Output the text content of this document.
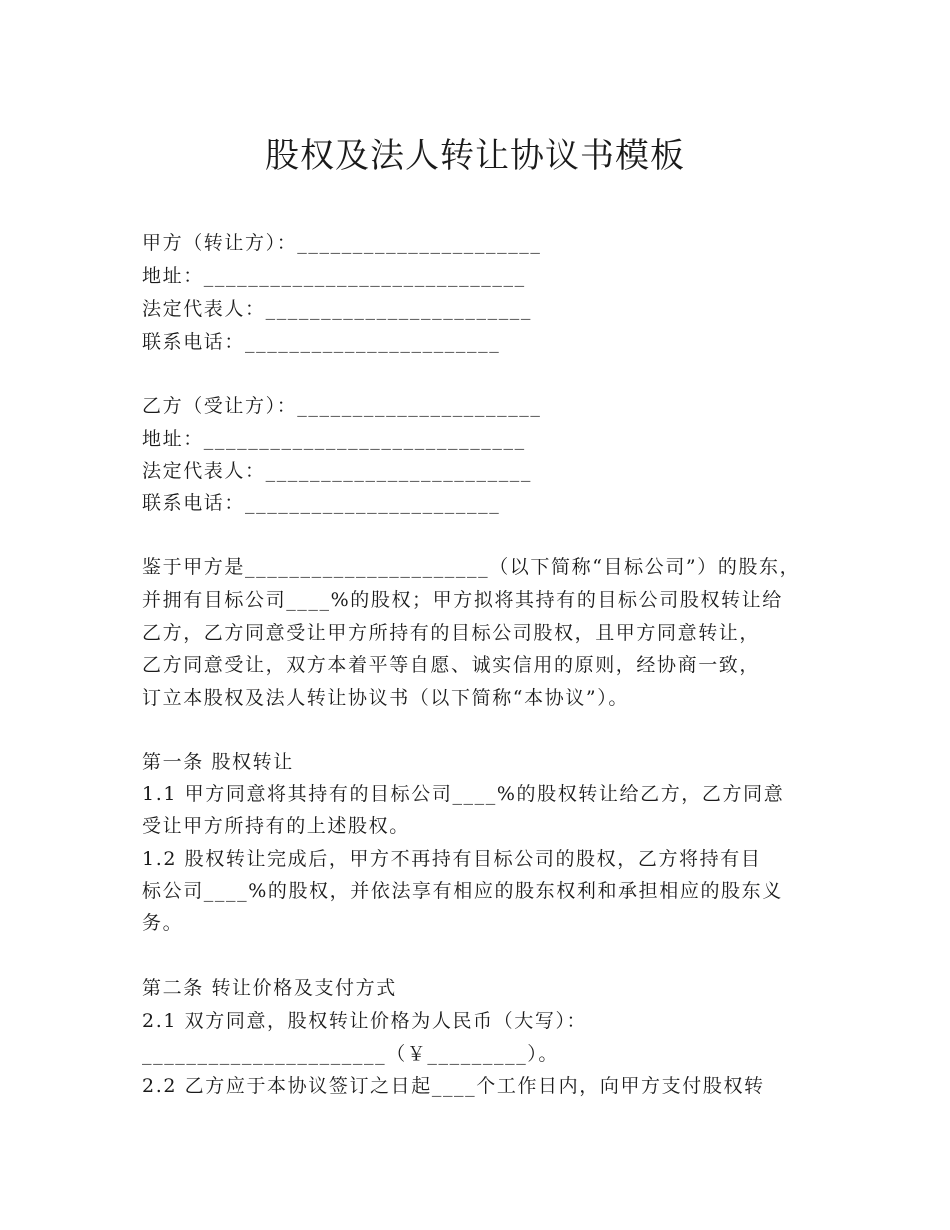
股权及法人转让协议书模板

甲方（转让方）：______________________

地址：_____________________________

法定代表人：________________________

联系电话：_______________________

乙方（受让方）：______________________

地址：_____________________________

法定代表人：________________________

联系电话：_______________________

鉴于甲方是______________________（以下简称“目标公司”）的股东，

并拥有目标公司____%的股权；甲方拟将其持有的目标公司股权转让给

乙方，乙方同意受让甲方所持有的目标公司股权，且甲方同意转让，

乙方同意受让，双方本着平等自愿、诚实信用的原则，经协商一致，

订立本股权及法人转让协议书（以下简称“本协议”）。

第一条 股权转让

1.1 甲方同意将其持有的目标公司____%的股权转让给乙方，乙方同意

受让甲方所持有的上述股权。

1.2 股权转让完成后，甲方不再持有目标公司的股权，乙方将持有目

标公司____%的股权，并依法享有相应的股东权利和承担相应的股东义

务。

第二条 转让价格及支付方式

2.1 双方同意，股权转让价格为人民币（大写）：

______________________（￥_________）。

2.2 乙方应于本协议签订之日起____个工作日内，向甲方支付股权转
